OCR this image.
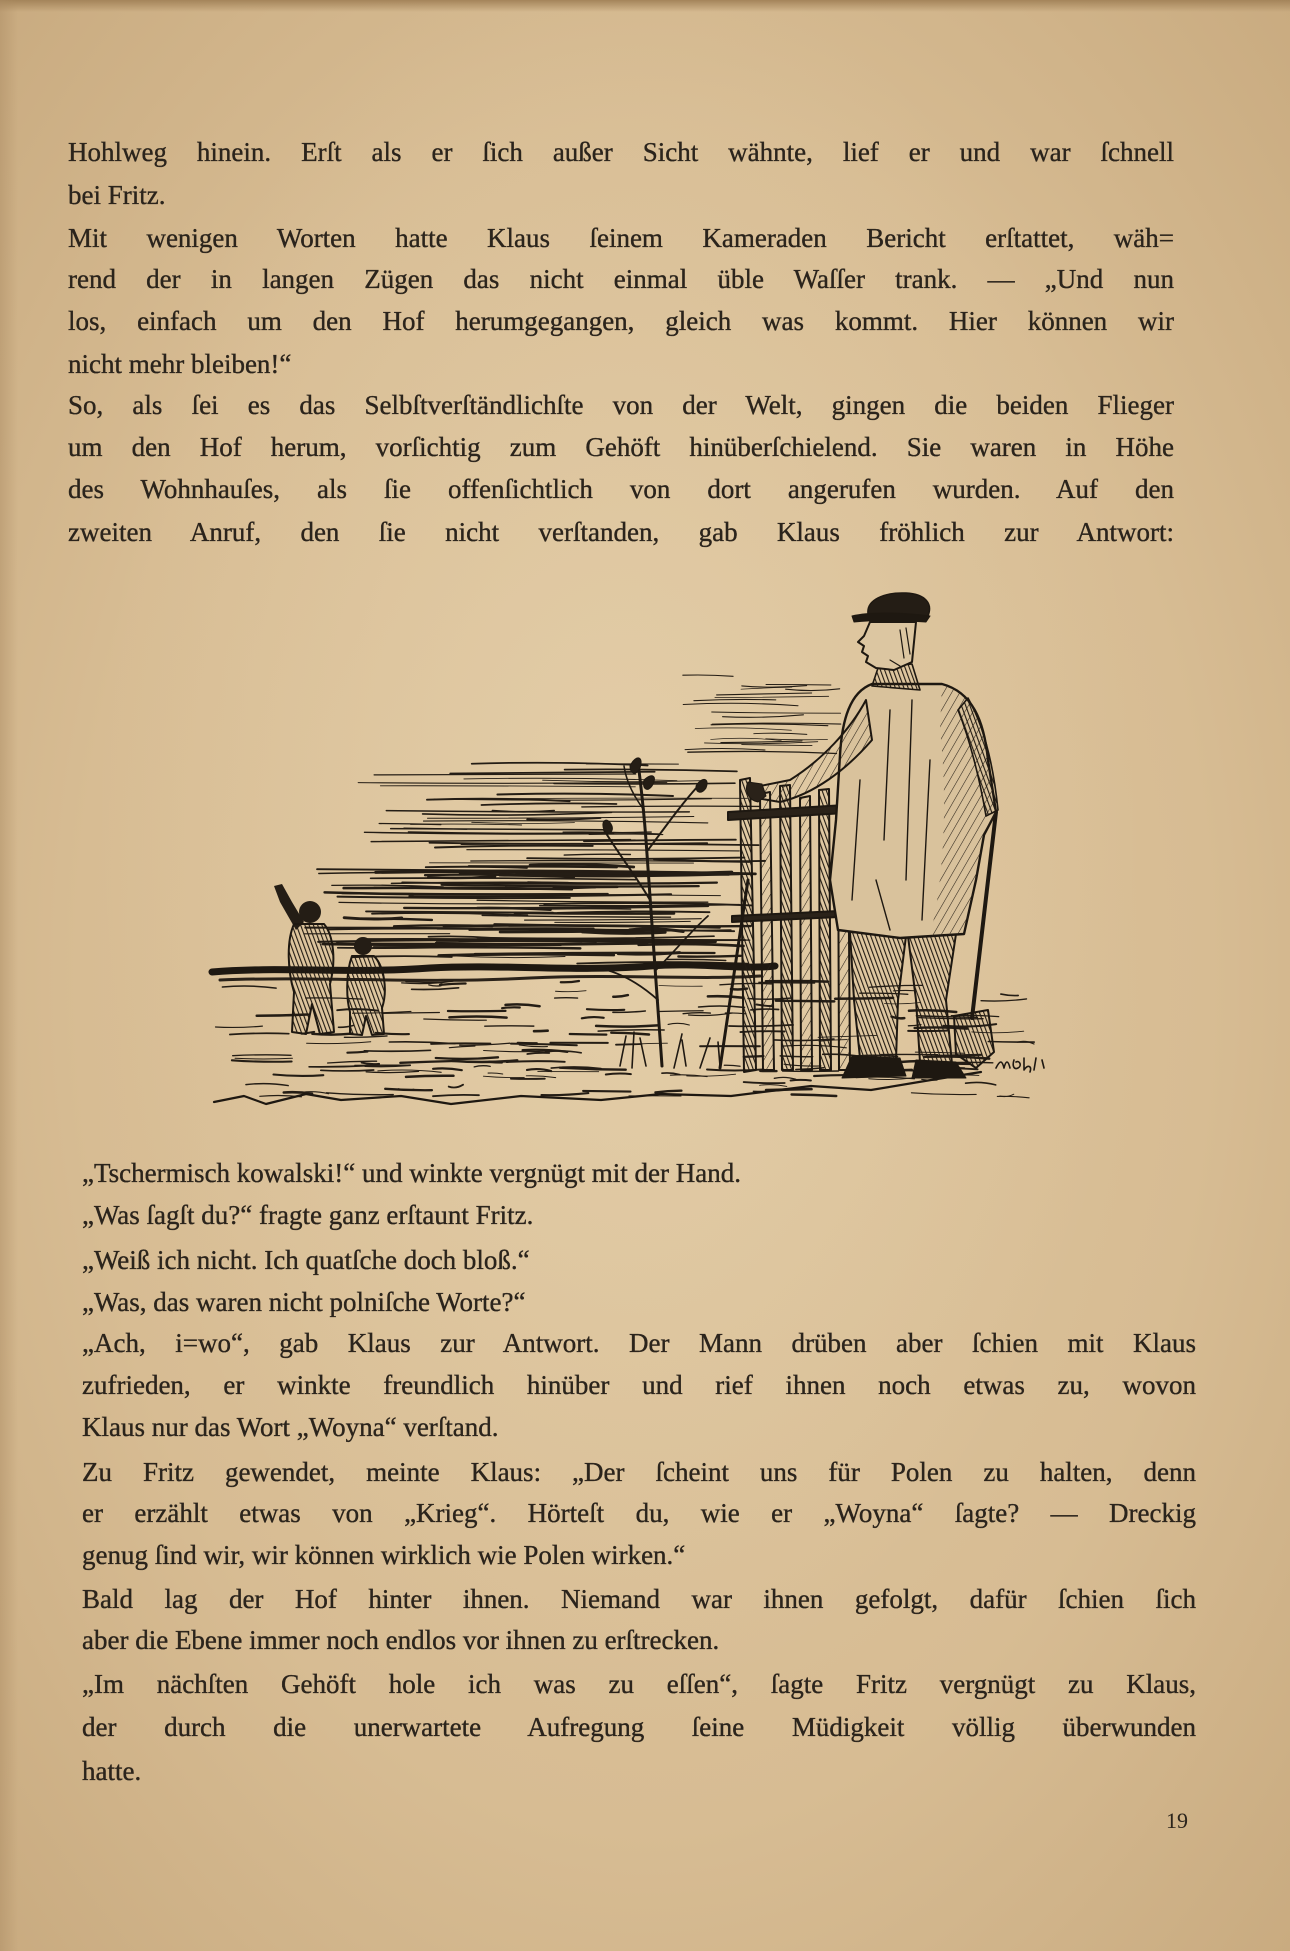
Hohlweg hinein. Erſt als er ſich außer Sicht wähnte, lief er und war ſchnell
bei Fritz.
Mit wenigen Worten hatte Klaus ſeinem Kameraden Bericht erſtattet, wäh=
rend der in langen Zügen das nicht einmal üble Waſſer trank. — „Und nun
los, einfach um den Hof herumgegangen, gleich was kommt. Hier können wir
nicht mehr bleiben!“
So, als ſei es das Selbſtverſtändlichſte von der Welt, gingen die beiden Flieger
um den Hof herum, vorſichtig zum Gehöft hinüberſchielend. Sie waren in Höhe
des Wohnhauſes, als ſie offenſichtlich von dort angerufen wurden. Auf den
zweiten Anruf, den ſie nicht verſtanden, gab Klaus fröhlich zur Antwort:
„Tschermisch kowalski!“ und winkte vergnügt mit der Hand.
„Was ſagſt du?“ fragte ganz erſtaunt Fritz.
„Weiß ich nicht. Ich quatſche doch bloß.“
„Was, das waren nicht polniſche Worte?“
„Ach, i=wo“, gab Klaus zur Antwort. Der Mann drüben aber ſchien mit Klaus
zufrieden, er winkte freundlich hinüber und rief ihnen noch etwas zu, wovon
Klaus nur das Wort „Woyna“ verſtand.
Zu Fritz gewendet, meinte Klaus: „Der ſcheint uns für Polen zu halten, denn
er erzählt etwas von „Krieg“. Hörteſt du, wie er „Woyna“ ſagte? — Dreckig
genug ſind wir, wir können wirklich wie Polen wirken.“
Bald lag der Hof hinter ihnen. Niemand war ihnen gefolgt, dafür ſchien ſich
aber die Ebene immer noch endlos vor ihnen zu erſtrecken.
„Im nächſten Gehöft hole ich was zu eſſen“, ſagte Fritz vergnügt zu Klaus,
der durch die unerwartete Aufregung ſeine Müdigkeit völlig überwunden
hatte.
19
